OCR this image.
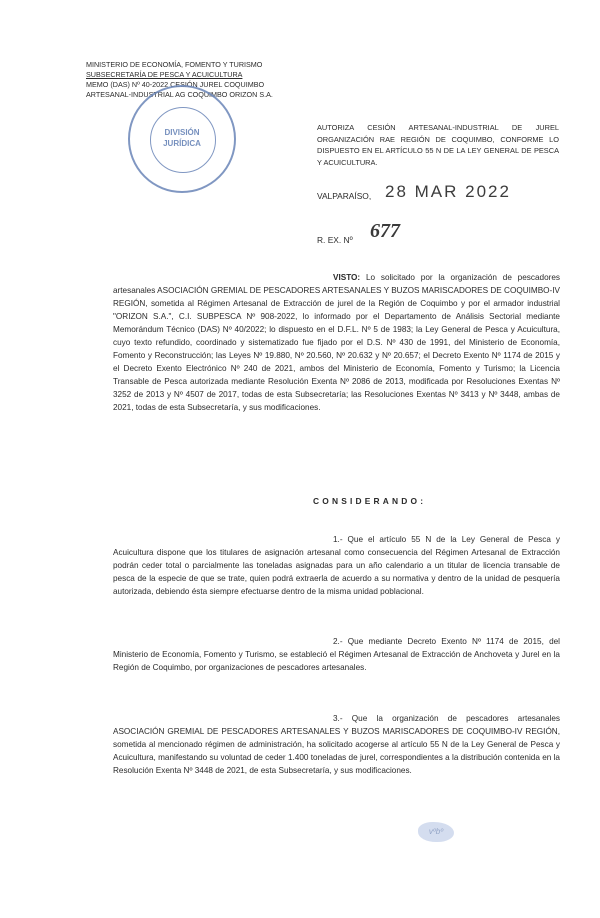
MINISTERIO DE ECONOMÍA, FOMENTO Y TURISMO
SUBSECRETARÍA DE PESCA Y ACUICULTURA
MEMO (DAS) Nº 40-2022 CESIÓN JUREL COQUIMBO
ARTESANAL-INDUSTRIAL AG COQUIMBO ORIZON S.A.
DIVISIÓN
JURÍDICA
AUTORIZA CESIÓN ARTESANAL-INDUSTRIAL DE JUREL ORGANIZACIÓN RAE REGIÓN DE COQUIMBO, CONFORME LO DISPUESTO EN EL ARTÍCULO 55 N DE LA LEY GENERAL DE PESCA Y ACUICULTURA.
VALPARAÍSO, 28 MAR 2022
R. EX. Nº 677

VISTO: Lo solicitado por la organización de pescadores artesanales ASOCIACIÓN GREMIAL DE PESCADORES ARTESANALES Y BUZOS MARISCADORES DE COQUIMBO-IV REGIÓN, sometida al Régimen Artesanal de Extracción de jurel de la Región de Coquimbo y por el armador industrial "ORIZON S.A.", C.I. SUBPESCA Nº 908-2022, lo informado por el Departamento de Análisis Sectorial mediante Memorándum Técnico (DAS) Nº 40/2022; lo dispuesto en el D.F.L. Nº 5 de 1983; la Ley General de Pesca y Acuicultura, cuyo texto refundido, coordinado y sistematizado fue fijado por el D.S. Nº 430 de 1991, del Ministerio de Economía, Fomento y Reconstrucción; las Leyes Nº 19.880, Nº 20.560, Nº 20.632 y Nº 20.657; el Decreto Exento Nº 1174 de 2015 y el Decreto Exento Electrónico Nº 240 de 2021, ambos del Ministerio de Economía, Fomento y Turismo; la Licencia Transable de Pesca autorizada mediante Resolución Exenta Nº 2086 de 2013, modificada por Resoluciones Exentas Nº 3252 de 2013 y Nº 4507 de 2017, todas de esta Subsecretaría; las Resoluciones Exentas Nº 3413 y Nº 3448, ambas de 2021, todas de esta Subsecretaría, y sus modificaciones.

CONSIDERANDO:

1.- Que el artículo 55 N de la Ley General de Pesca y Acuicultura dispone que los titulares de asignación artesanal como consecuencia del Régimen Artesanal de Extracción podrán ceder total o parcialmente las toneladas asignadas para un año calendario a un titular de licencia transable de pesca de la especie de que se trate, quien podrá extraerla de acuerdo a su normativa y dentro de la unidad de pesquería autorizada, debiendo ésta siempre efectuarse dentro de la misma unidad poblacional.

2.- Que mediante Decreto Exento Nº 1174 de 2015, del Ministerio de Economía, Fomento y Turismo, se estableció el Régimen Artesanal de Extracción de Anchoveta y Jurel en la Región de Coquimbo, por organizaciones de pescadores artesanales.

3.- Que la organización de pescadores artesanales ASOCIACIÓN GREMIAL DE PESCADORES ARTESANALES Y BUZOS MARISCADORES DE COQUIMBO-IV REGIÓN, sometida al mencionado régimen de administración, ha solicitado acogerse al artículo 55 N de la Ley General de Pesca y Acuicultura, manifestando su voluntad de ceder 1.400 toneladas de jurel, correspondientes a la distribución contenida en la Resolución Exenta Nº 3448 de 2021, de esta Subsecretaría, y sus modificaciones.

vºbº
